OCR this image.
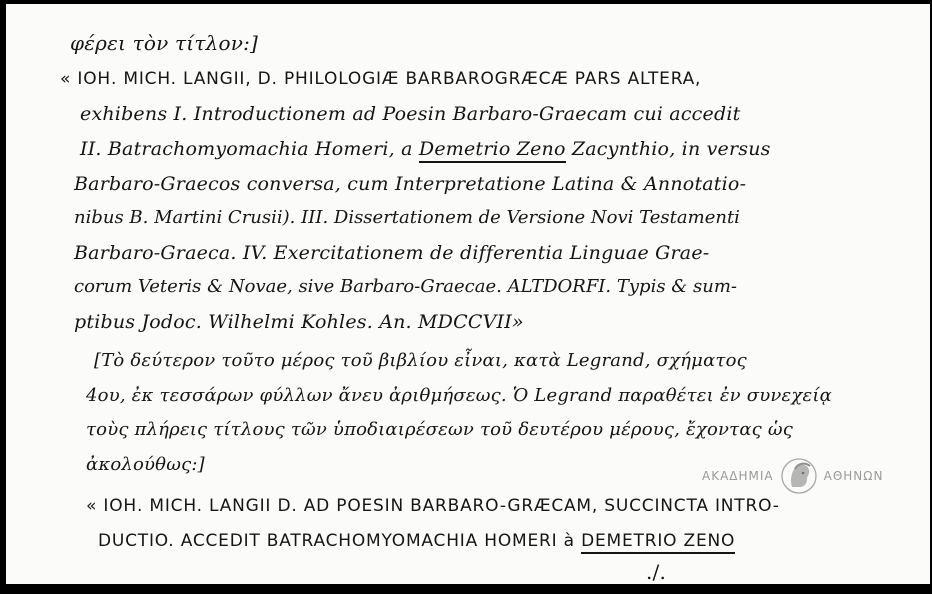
φέρει τὸν τίτλον:]
« ΙΟΗ. MICH. LANGII, D. PHILOLOGIÆ BARBAROGRÆCÆ PARS ALTERA,
exhibens I. Introductionem ad Poesin Barbaro-Graecam cui accedit
II. Batrachomyomachia Homeri, a Demetrio Zeno Zacynthio, in versus
Barbaro-Graecos conversa, cum Interpretatione Latina & Annotatio-
nibus B. Martini Crusii). III. Dissertationem de Versione Novi Testamenti
Barbaro-Graeca. IV. Exercitationem de differentia Linguae Grae-
corum Veteris & Novae, sive Barbaro-Graecae. ALTDORFI. Typis & sum-
ptibus Jodoc. Wilhelmi Kohles. An. MDCCVII»
[Τὸ δεύτερον τοῦτο μέρος τοῦ βιβλίου εἶναι, κατὰ Legrand, σχήματος
4ου, ἐκ τεσσάρων φύλλων ἄνευ ἀριθμήσεως. Ὁ Legrand παραθέτει ἐν συνεχείᾳ
τοὺς πλήρεις τίτλους τῶν ὑποδιαιρέσεων τοῦ δευτέρου μέρους, ἔχοντας ὡς
ἀκολούθως:]
« ΙΟΗ. MICH. LANGII D. AD POESIN BARBARO-GRÆCAM, SUCCINCTA INTRO-
DUCTIO. ACCEDIT BATRACHOMYOMACHIA HOMERI à DEMETRIO ZENO
./.
ΑΚΑΔΗΜΙΑ	ΑΘΗΝΩΝ
